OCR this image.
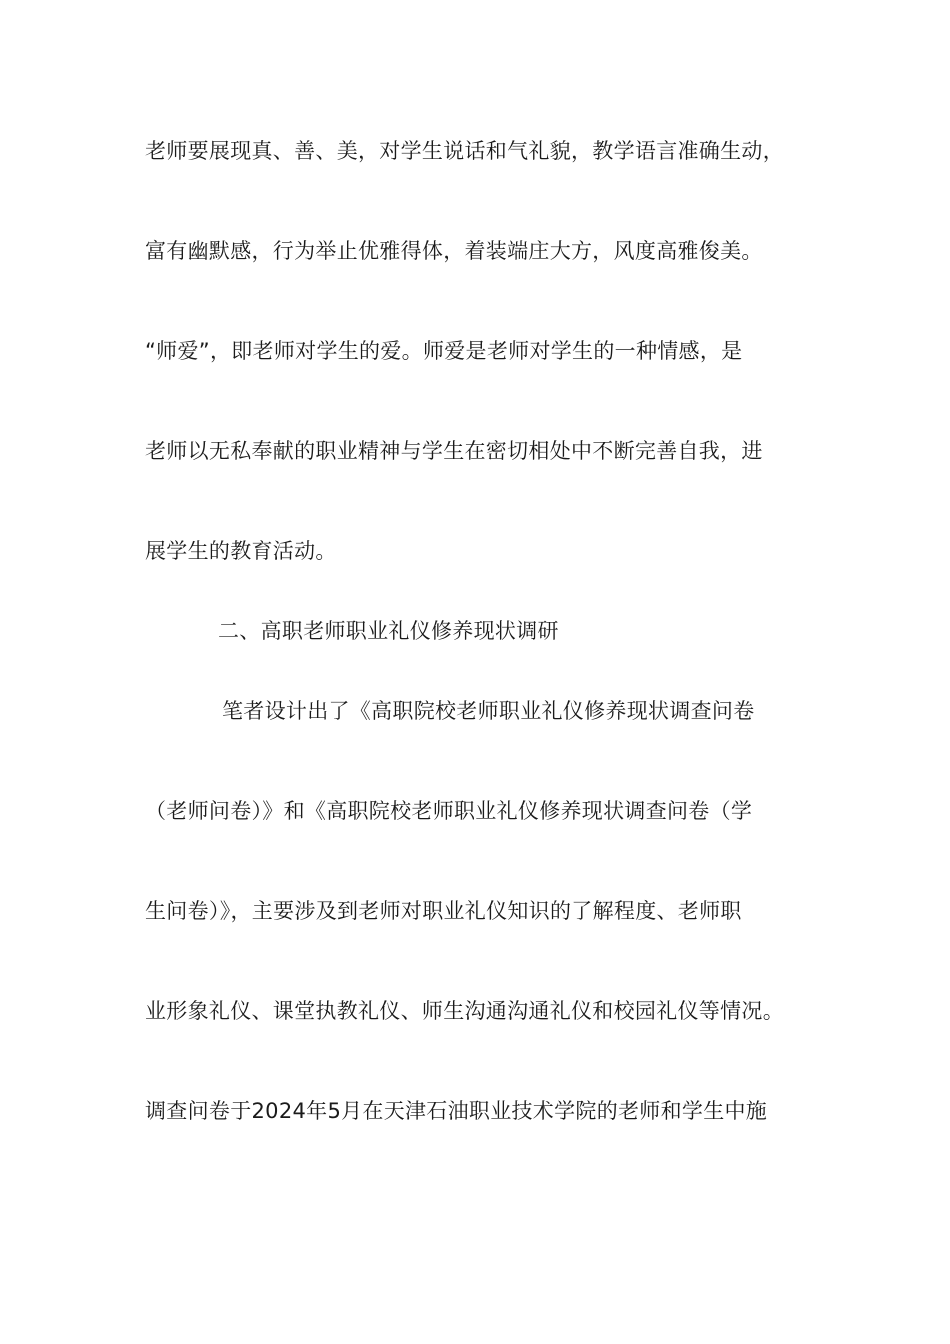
老师要展现真、善、美，对学生说话和气礼貌，教学语言准确生动，
富有幽默感，行为举止优雅得体，着装端庄大方，风度高雅俊美。
“师爱”，即老师对学生的爱。师爱是老师对学生的一种情感，是
老师以无私奉献的职业精神与学生在密切相处中不断完善自我，进
展学生的教育活动。
二、高职老师职业礼仪修养现状调研
笔者设计出了《高职院校老师职业礼仪修养现状调查问卷
（老师问卷）》和《高职院校老师职业礼仪修养现状调查问卷（学
生问卷）》，主要涉及到老师对职业礼仪知识的了解程度、老师职
业形象礼仪、课堂执教礼仪、师生沟通沟通礼仪和校园礼仪等情况。
调查问卷于2024年5月在天津石油职业技术学院的老师和学生中施
